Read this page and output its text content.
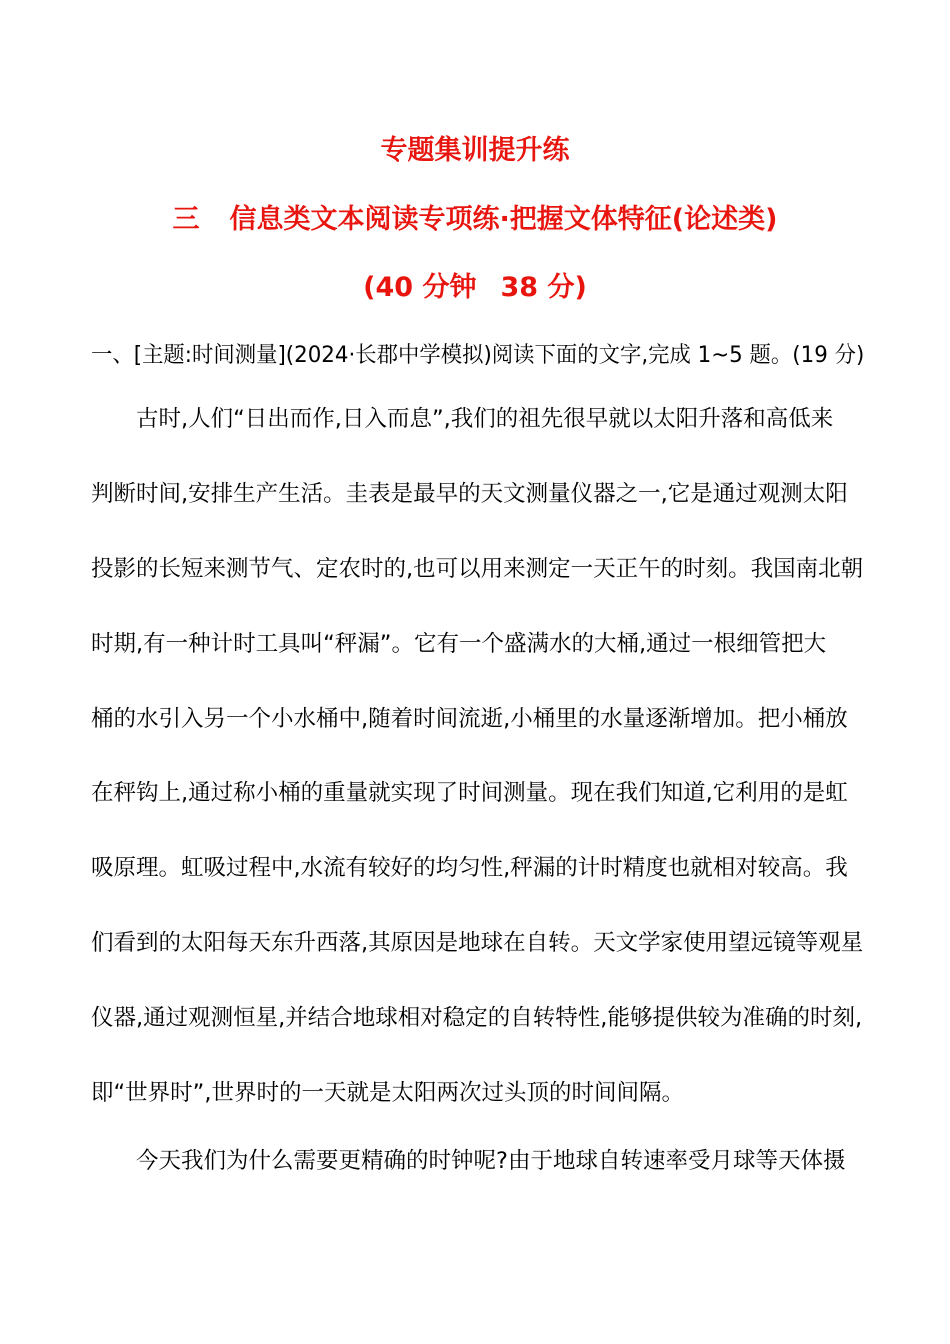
专题集训提升练
三 信息类文本阅读专项练·把握文体特征(论述类)
(40 分钟 38 分)
一、[主题:时间测量](2024·长郡中学模拟)阅读下面的文字,完成 1~5 题。(19 分)
古时,人们“日出而作,日入而息”,我们的祖先很早就以太阳升落和高低来
判断时间,安排生产生活。圭表是最早的天文测量仪器之一,它是通过观测太阳
投影的长短来测节气、定农时的,也可以用来测定一天正午的时刻。我国南北朝
时期,有一种计时工具叫“秤漏”。它有一个盛满水的大桶,通过一根细管把大
桶的水引入另一个小水桶中,随着时间流逝,小桶里的水量逐渐增加。把小桶放
在秤钩上,通过称小桶的重量就实现了时间测量。现在我们知道,它利用的是虹
吸原理。虹吸过程中,水流有较好的均匀性,秤漏的计时精度也就相对较高。我
们看到的太阳每天东升西落,其原因是地球在自转。天文学家使用望远镜等观星
仪器,通过观测恒星,并结合地球相对稳定的自转特性,能够提供较为准确的时刻,
即“世界时”,世界时的一天就是太阳两次过头顶的时间间隔。
今天我们为什么需要更精确的时钟呢?由于地球自转速率受月球等天体摄
